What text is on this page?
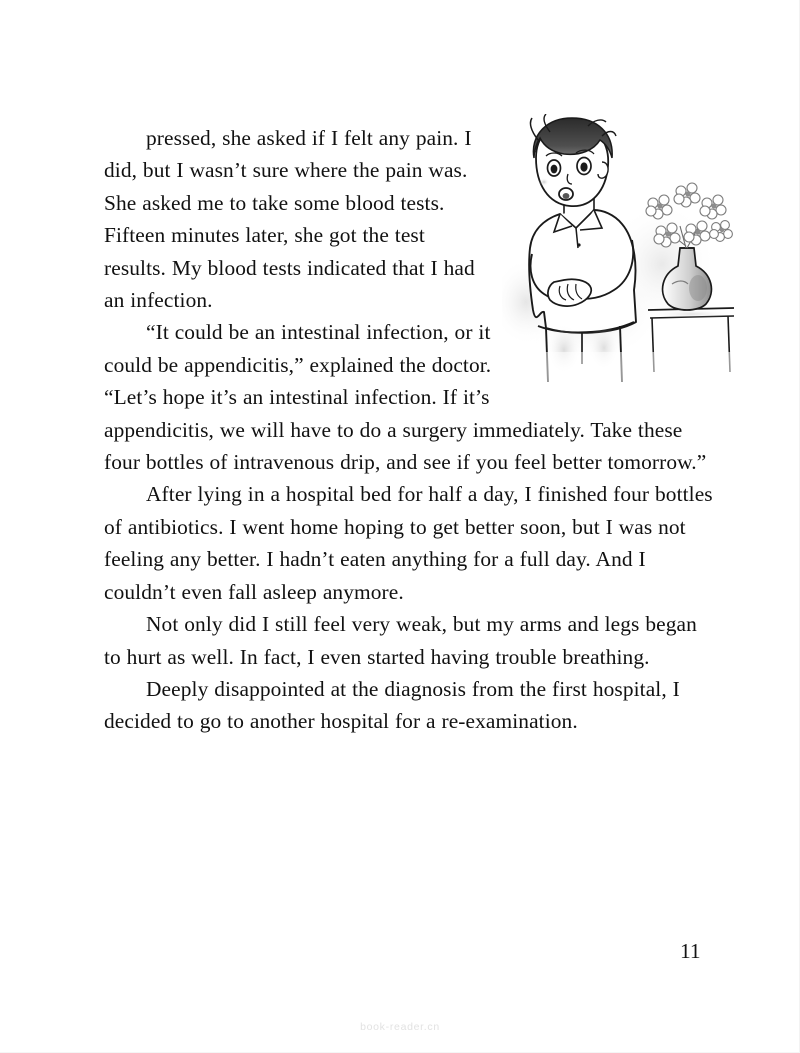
pressed, she asked if I felt any pain. I did, but I wasn’t sure where the pain was. She asked me to take some blood tests. Fifteen minutes later, she got the test results. My blood tests indicated that I had an infection.

“It could be an intestinal infection, or it could be appendicitis,” explained the doctor. “Let’s hope it’s an intestinal infection. If it’s appendicitis, we will have to do a surgery immediately. Take these four bottles of intravenous drip, and see if you feel better tomorrow.”

After lying in a hospital bed for half a day, I finished four bottles of antibiotics. I went home hoping to get better soon, but I was not feeling any better. I hadn’t eaten anything for a full day. And I couldn’t even fall asleep anymore.

Not only did I still feel very weak, but my arms and legs began to hurt as well. In fact, I even started having trouble breathing.

Deeply disappointed at the diagnosis from the first hospital, I decided to go to another hospital for a re-examination.

11
book-reader.cn
